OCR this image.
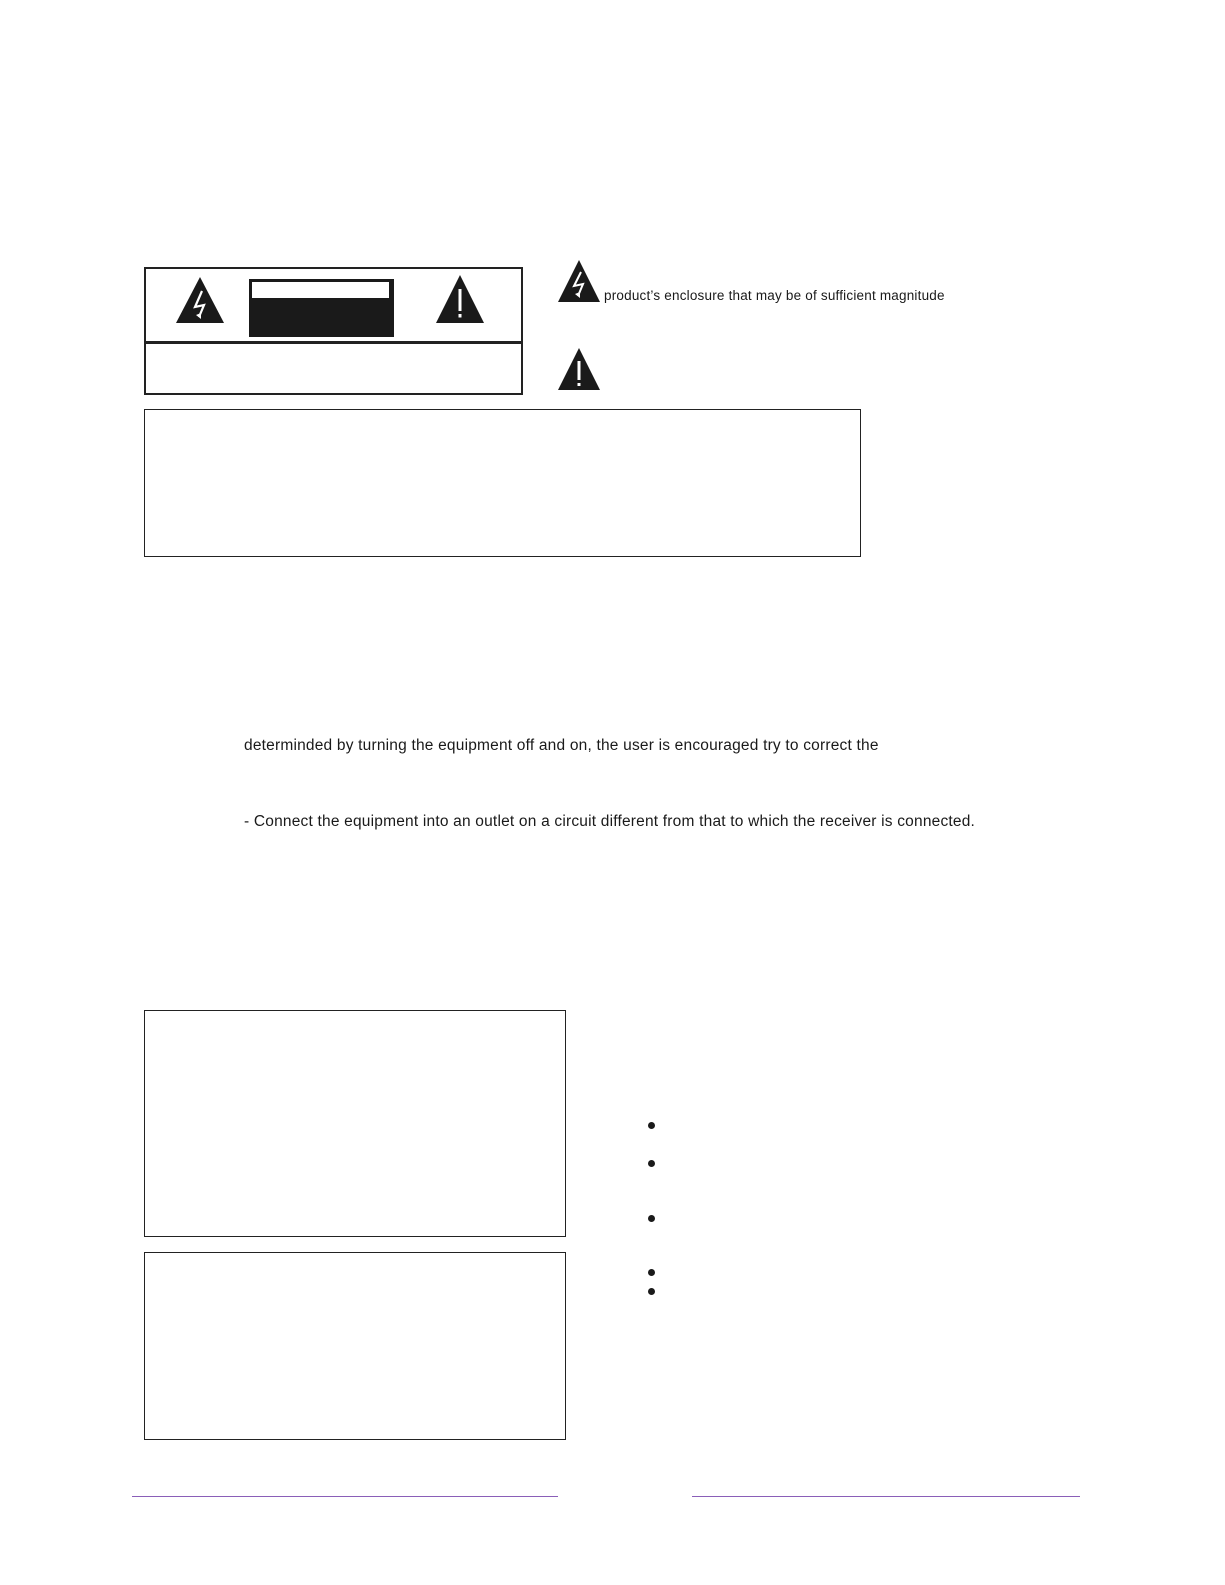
product’s enclosure that may be of sufficient magnitude
determinded by turning the equipment off and on, the user is encouraged try to correct the
- Connect the equipment into an outlet on a circuit different from that to which the receiver is connected.
